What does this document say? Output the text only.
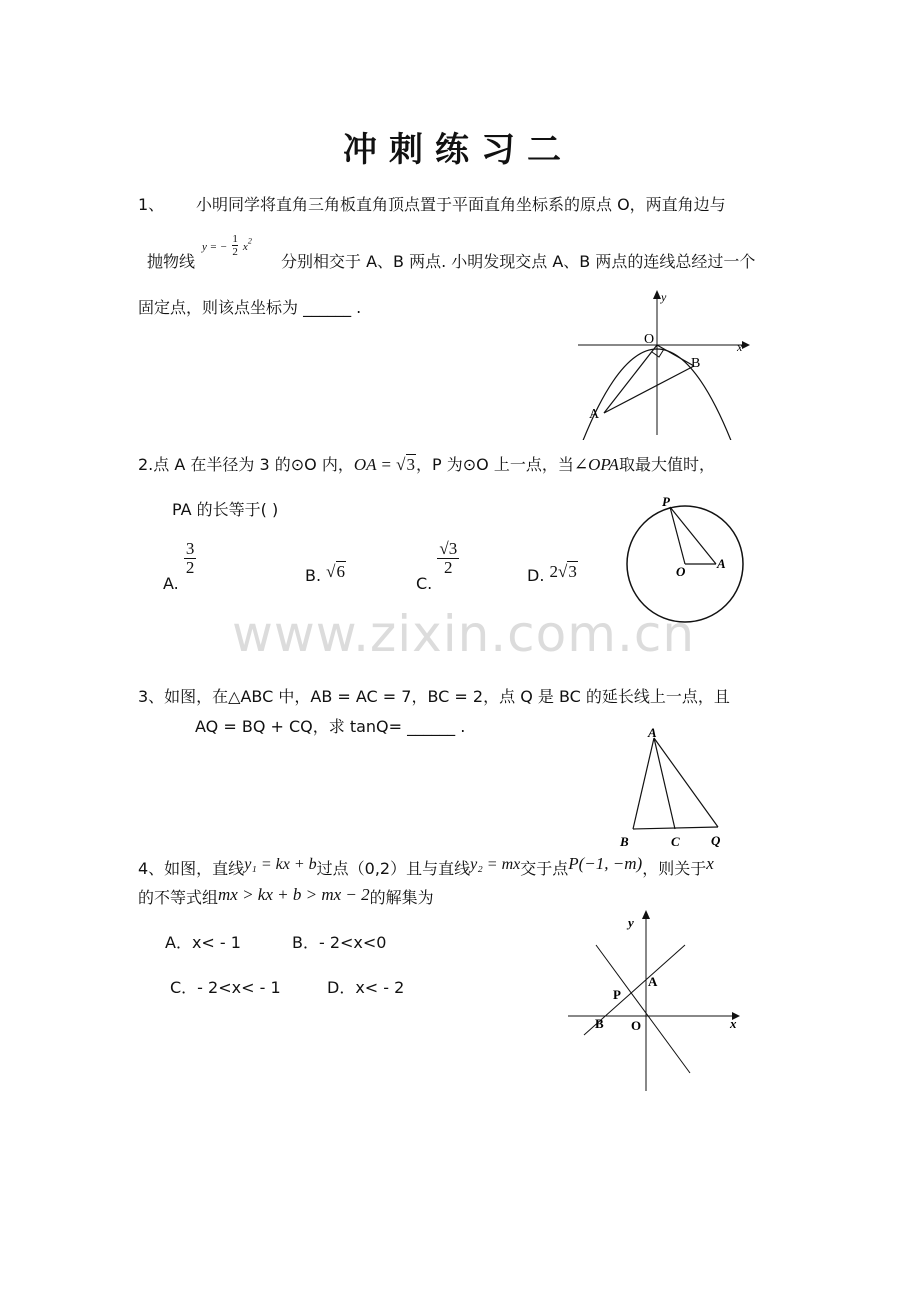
冲刺练习二
1、 小明同学将直角三角板直角顶点置于平面直角坐标系的原点 O，两直角边与
抛物线
y = − $\frac{1}{2} x^2$
分别相交于 A、B 两点. 小明发现交点 A、B 两点的连线总经过一个
固定点，则该点坐标为 ______ .
y
x
O
A
B
2.点 A 在半径为 3 的⊙O 内，OA = √3，P 为⊙O 上一点，当∠OPA取最大值时，
PA 的长等于( )
A.
$\frac{3}{2}$	B. √6
C.
$\frac{√3}{2}$	D. 2√3
P
O
A
www.zixin.com.cn
3、如图，在△ABC 中，AB = AC = 7，BC = 2，点 Q 是 BC 的延长线上一点，且
AQ = BQ + CQ，求 tanQ= ______ .	A
B	C Q
4、如图，直线y₁ = kx + b过点（0,2）且与直线y₂ = mx交于点P(−1, −m)，则关于x
的不等式组mx > kx + b > mx − 2的解集为
A．x< - 1	B．- 2<x<0
C．- 2<x< - 1	D．x< - 2
y
x
A
P
B O
